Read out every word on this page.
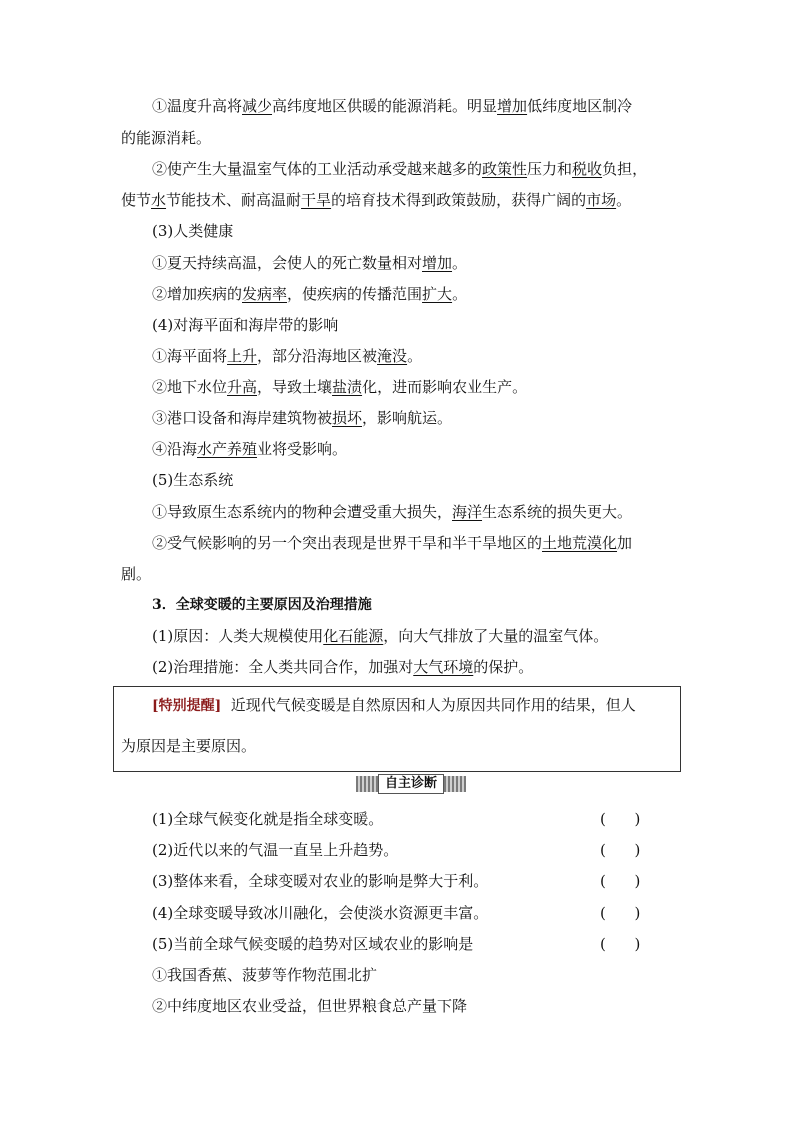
①温度升高将减少高纬度地区供暖的能源消耗。明显增加低纬度地区制冷
的能源消耗。
②使产生大量温室气体的工业活动承受越来越多的政策性压力和税收负担，
使节水节能技术、耐高温耐干旱的培育技术得到政策鼓励，获得广阔的市场。
(3)人类健康
①夏天持续高温，会使人的死亡数量相对增加。
②增加疾病的发病率，使疾病的传播范围扩大。
(4)对海平面和海岸带的影响
①海平面将上升，部分沿海地区被淹没。
②地下水位升高，导致土壤盐渍化，进而影响农业生产。
③港口设备和海岸建筑物被损坏，影响航运。
④沿海水产养殖业将受影响。
(5)生态系统
①导致原生态系统内的物种会遭受重大损失，海洋生态系统的损失更大。
②受气候影响的另一个突出表现是世界干旱和半干旱地区的土地荒漠化加
剧。
3．全球变暖的主要原因及治理措施
(1)原因：人类大规模使用化石能源，向大气排放了大量的温室气体。
(2)治理措施：全人类共同合作，加强对大气环境的保护。
[特别提醒] 近现代气候变暖是自然原因和人为原因共同作用的结果，但人
为原因是主要原因。
自主诊断
(1)全球气候变化就是指全球变暖。	(      )
(2)近代以来的气温一直呈上升趋势。	(      )
(3)整体来看，全球变暖对农业的影响是弊大于利。	(      )
(4)全球变暖导致冰川融化，会使淡水资源更丰富。	(      )
(5)当前全球气候变暖的趋势对区域农业的影响是	(      )
①我国香蕉、菠萝等作物范围北扩
②中纬度地区农业受益，但世界粮食总产量下降
